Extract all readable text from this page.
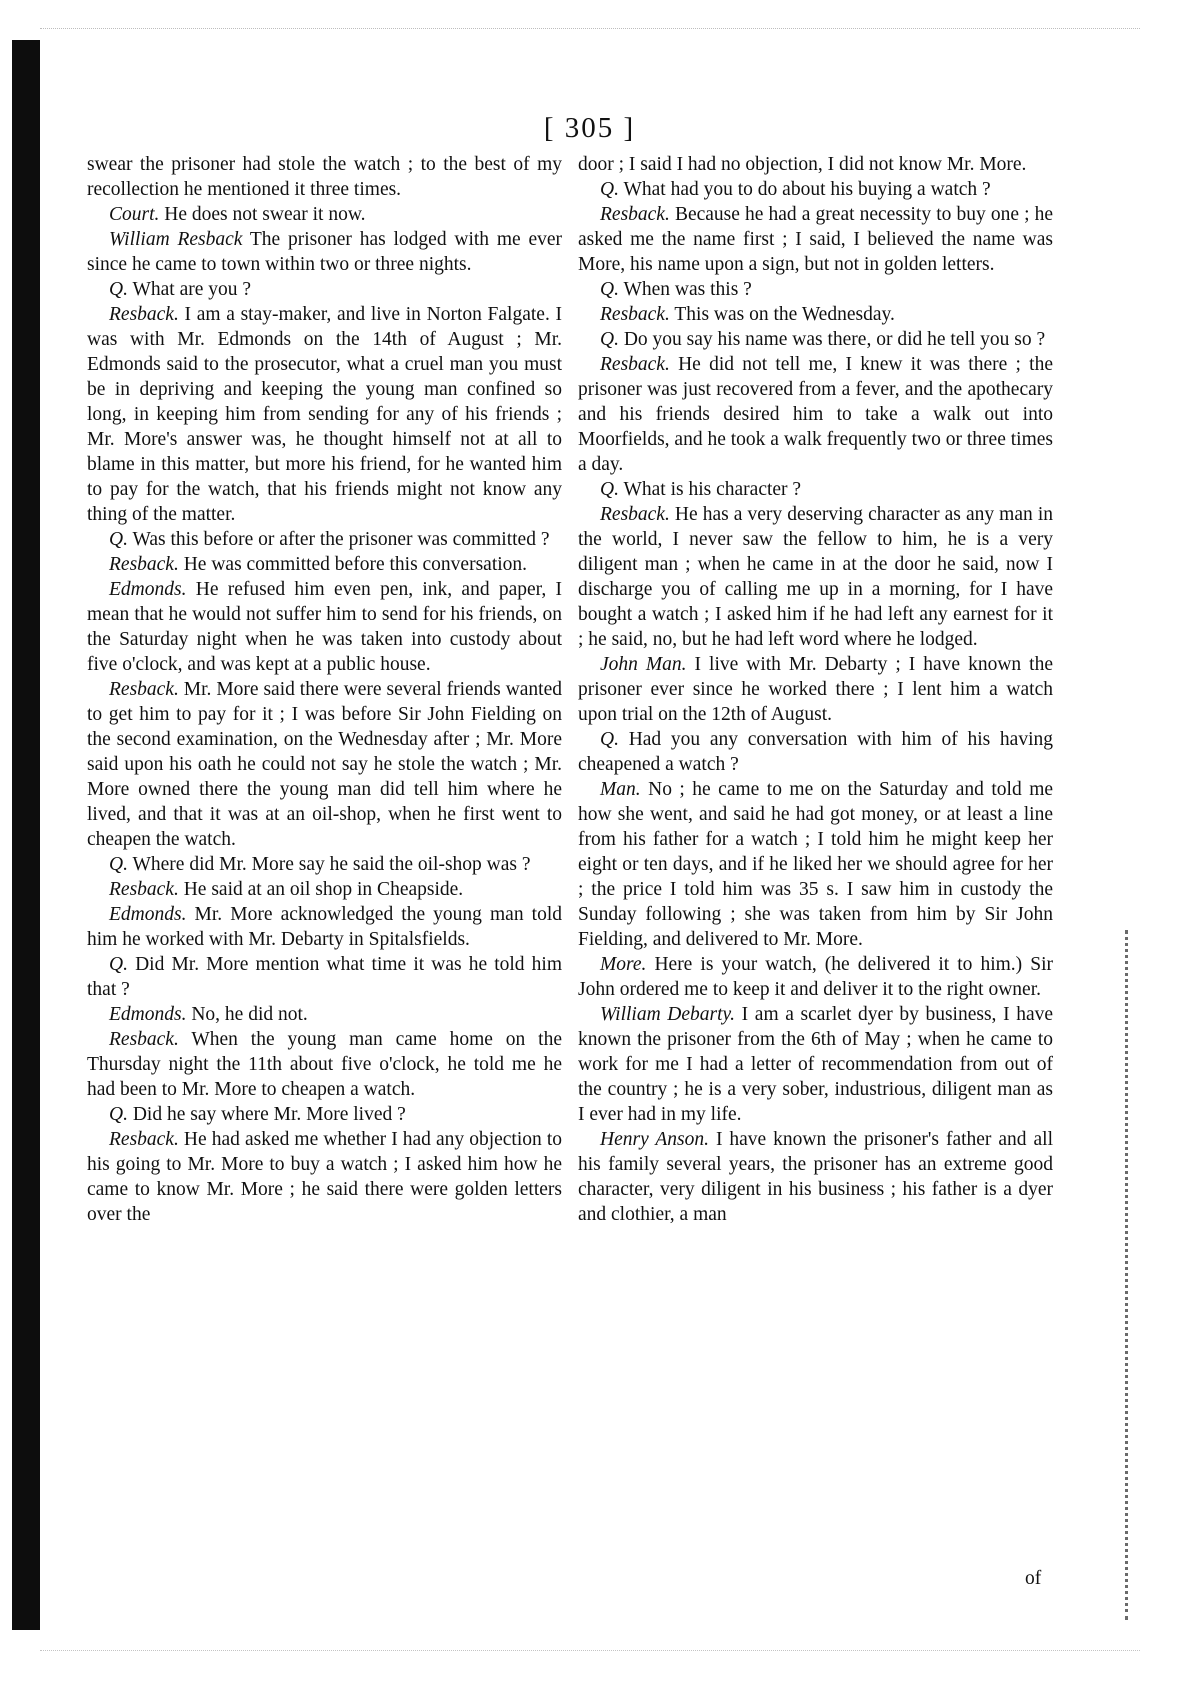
[ 305 ]

swear the prisoner had stole the watch ; to the best of my recollection he mentioned it three times.

Court. He does not swear it now.

William Resback The prisoner has lodged with me ever since he came to town within two or three nights.

Q. What are you ?

Resback. I am a stay-maker, and live in Norton Falgate. I was with Mr. Edmonds on the 14th of August ; Mr. Edmonds said to the prosecutor, what a cruel man you must be in depriving and keeping the young man confined so long, in keeping him from sending for any of his friends ; Mr. More's answer was, he thought himself not at all to blame in this matter, but more his friend, for he wanted him to pay for the watch, that his friends might not know any thing of the matter.

Q. Was this before or after the prisoner was committed ?

Resback. He was committed before this conversation.

Edmonds. He refused him even pen, ink, and paper, I mean that he would not suffer him to send for his friends, on the Saturday night when he was taken into custody about five o'clock, and was kept at a public house.

Resback. Mr. More said there were several friends wanted to get him to pay for it ; I was before Sir John Fielding on the second examination, on the Wednesday after ; Mr. More said upon his oath he could not say he stole the watch ; Mr. More owned there the young man did tell him where he lived, and that it was at an oil-shop, when he first went to cheapen the watch.

Q. Where did Mr. More say he said the oil-shop was ?

Resback. He said at an oil shop in Cheapside.

Edmonds. Mr. More acknowledged the young man told him he worked with Mr. Debarty in Spitalsfields.

Q. Did Mr. More mention what time it was he told him that ?

Edmonds. No, he did not.

Resback. When the young man came home on the Thursday night the 11th about five o'clock, he told me he had been to Mr. More to cheapen a watch.

Q. Did he say where Mr. More lived ?

Resback. He had asked me whether I had any objection to his going to Mr. More to buy a watch ; I asked him how he came to know Mr. More ; he said there were golden letters over the

door ; I said I had no objection, I did not know Mr. More.

Q. What had you to do about his buying a watch ?

Resback. Because he had a great necessity to buy one ; he asked me the name first ; I said, I believed the name was More, his name upon a sign, but not in golden letters.

Q. When was this ?

Resback. This was on the Wednesday.

Q. Do you say his name was there, or did he tell you so ?

Resback. He did not tell me, I knew it was there ; the prisoner was just recovered from a fever, and the apothecary and his friends desired him to take a walk out into Moorfields, and he took a walk frequently two or three times a day.

Q. What is his character ?

Resback. He has a very deserving character as any man in the world, I never saw the fellow to him, he is a very diligent man ; when he came in at the door he said, now I discharge you of calling me up in a morning, for I have bought a watch ; I asked him if he had left any earnest for it ; he said, no, but he had left word where he lodged.

John Man. I live with Mr. Debarty ; I have known the prisoner ever since he worked there ; I lent him a watch upon trial on the 12th of August.

Q. Had you any conversation with him of his having cheapened a watch ?

Man. No ; he came to me on the Saturday and told me how she went, and said he had got money, or at least a line from his father for a watch ; I told him he might keep her eight or ten days, and if he liked her we should agree for her ; the price I told him was 35 s. I saw him in custody the Sunday following ; she was taken from him by Sir John Fielding, and delivered to Mr. More.

More. Here is your watch, (he delivered it to him.) Sir John ordered me to keep it and deliver it to the right owner.

William Debarty. I am a scarlet dyer by business, I have known the prisoner from the 6th of May ; when he came to work for me I had a letter of recommendation from out of the country ; he is a very sober, industrious, diligent man as I ever had in my life.

Henry Anson. I have known the prisoner's father and all his family several years, the prisoner has an extreme good character, very diligent in his business ; his father is a dyer and clothier, a man

of
